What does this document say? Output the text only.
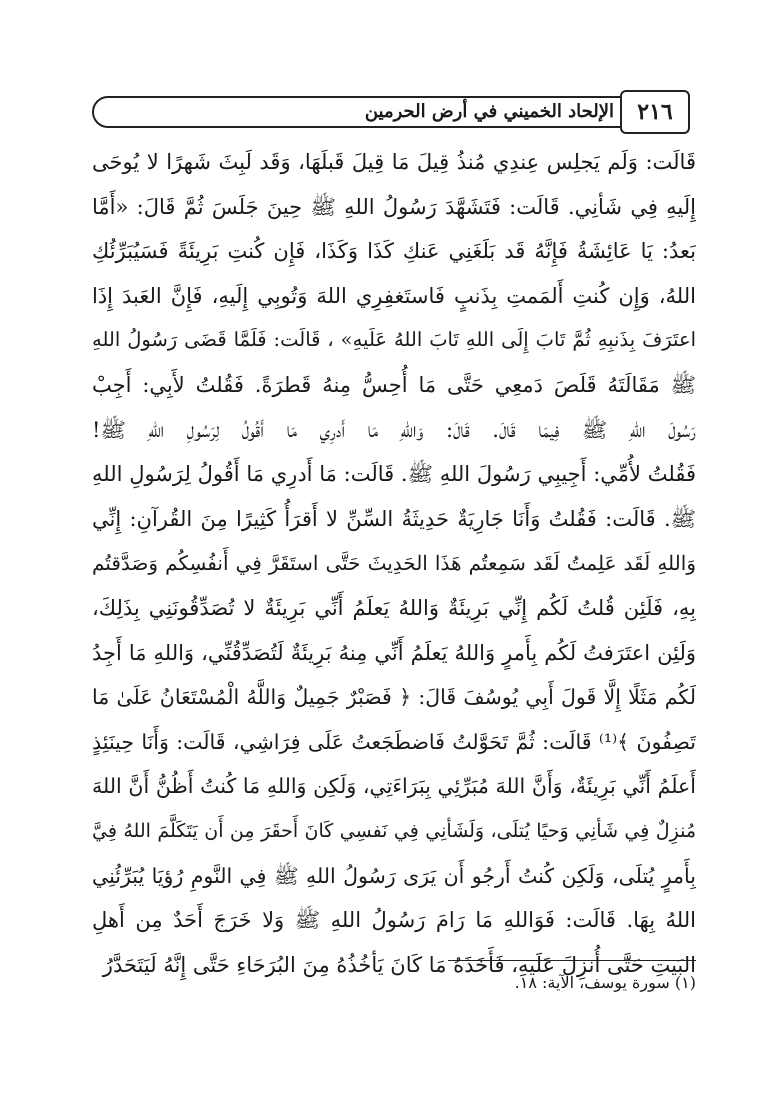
الإلحاد الخميني في أرض الحرمين	٢١٦
قَالَت: وَلَم يَجلِس عِندِي مُنذُ قِيلَ مَا قِيلَ قَبلَهَا، وَقَد لَبِثَ شَهرًا لا يُوحَى
إِلَيهِ فِي شَأنِي. قَالَت: فَتَشَهَّدَ رَسُولُ اللهِ ﷺ حِينَ جَلَسَ ثُمَّ قَالَ: «أَمَّا
بَعدُ: يَا عَائِشَةُ فَإِنَّهُ قَد بَلَغَنِي عَنكِ كَذَا وَكَذَا، فَإِن كُنتِ بَرِيئَةً فَسَيُبَرِّئُكِ
اللهُ، وَإِن كُنتِ أَلمَمتِ بِذَنبٍ فَاستَغفِرِي اللهَ وَتُوبِي إِلَيهِ، فَإِنَّ العَبدَ إِذَا
اعتَرَفَ بِذَنبِهِ ثُمَّ تَابَ إِلَى اللهِ تَابَ اللهُ عَلَيهِ» ، قَالَت: فَلَمَّا قَضَى رَسُولُ اللهِ
ﷺ مَقَالَتَهُ قَلَصَ دَمعِي حَتَّى مَا أُحِسُّ مِنهُ قَطرَةً. فَقُلتُ لأَبِي: أَجِبْ
رَسُولَ اللهِ ﷺ فِيمَا قَالَ. قَالَ: وَاللهِ مَا أَدرِي مَا أَقُولُ لِرَسُولِ اللهِ ﷺ!
فَقُلتُ لأُمِّي: أَجِيبِي رَسُولَ اللهِ ﷺ. قَالَت: مَا أَدرِي مَا أَقُولُ لِرَسُولِ اللهِ
ﷺ. قَالَت: فَقُلتُ وَأَنَا جَارِيَةٌ حَدِيثَةُ السِّنِّ لا أَقرَأُ كَثِيرًا مِنَ القُرآنِ: إِنِّي
وَاللهِ لَقَد عَلِمتُ لَقَد سَمِعتُم هَذَا الحَدِيثَ حَتَّى استَقَرَّ فِي أَنفُسِكُم وَصَدَّقتُم
بِهِ، فَلَئِن قُلتُ لَكُم إِنِّي بَرِيئَةٌ وَاللهُ يَعلَمُ أَنِّي بَرِيئَةٌ لا تُصَدِّقُونَنِي بِذَلِكَ،
وَلَئِن اعتَرَفتُ لَكُم بِأَمرٍ وَاللهُ يَعلَمُ أَنِّي مِنهُ بَرِيئَةٌ لَتُصَدِّقُنِّي، وَاللهِ مَا أَجِدُ
لَكُم مَثَلًا إِلَّا قَولَ أَبِي يُوسُفَ قَالَ: ﴿ فَصَبْرٌ جَمِيلٌ وَاللَّهُ الْمُسْتَعَانُ عَلَىٰ مَا
تَصِفُونَ ﴾⁽¹⁾ قَالَت: ثُمَّ تَحَوَّلتُ فَاضطَجَعتُ عَلَى فِرَاشِي، قَالَت: وَأَنَا حِينَئِذٍ
أَعلَمُ أَنِّي بَرِيئَةٌ، وَأَنَّ اللهَ مُبَرِّئِي بِبَرَاءَتِي، وَلَكِن وَاللهِ مَا كُنتُ أَظُنُّ أَنَّ اللهَ
مُنزِلٌ فِي شَأنِي وَحيًا يُتلَى، وَلَشَأنِي فِي نَفسِي كَانَ أَحقَرَ مِن أَن يَتَكَلَّمَ اللهُ فِيَّ
بِأَمرٍ يُتلَى، وَلَكِن كُنتُ أَرجُو أَن يَرَى رَسُولُ اللهِ ﷺ فِي النَّومِ رُؤيَا يُبَرِّئُنِي
اللهُ بِهَا. قَالَت: فَوَاللهِ مَا رَامَ رَسُولُ اللهِ ﷺ وَلا خَرَجَ أَحَدٌ مِن أَهلِ
البَيتِ حَتَّى أُنزِلَ عَلَيهِ، فَأَخَذَهُ مَا كَانَ يَأخُذُهُ مِنَ البُرَحَاءِ حَتَّى إِنَّهُ لَيَتَحَدَّرُ
(١) سورة يوسف، الآية: ١٨.
